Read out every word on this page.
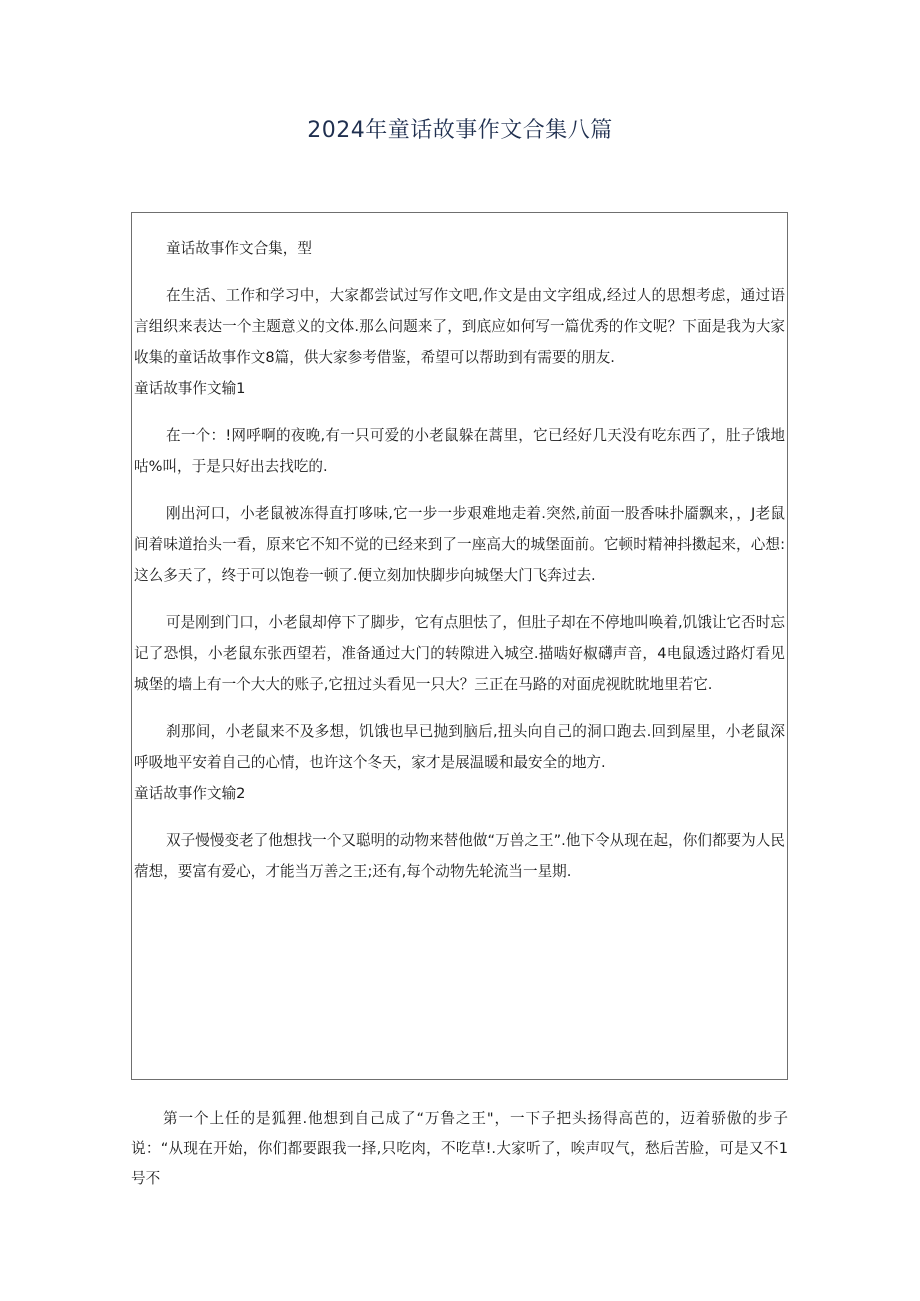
2024年童话故事作文合集八篇

童话故事作文合集，型

在生活、工作和学习中，大家都尝试过写作文吧,作文是由文字组成,经过人的思想考虑，通过语言组织来表达一个主题意义的文体.那么问题来了，到底应如何写一篇优秀的作文呢？下面是我为大家收集的童话故事作文8篇，供大家参考借鉴，希望可以帮助到有需要的朋友.

童话故事作文输1

在一个：!网呼啊的夜晚,有一只可爱的小老鼠躲在蒿里，它已经好几天没有吃东西了，肚子饿地咕%叫，于是只好出去找吃的.

刚出河口，小老鼠被冻得直打哆味,它一步一步艰难地走着.突然,前面一股香味扑靥飘来，，J老鼠间着味道抬头一看，原来它不知不觉的已经来到了一座高大的城堡面前。它顿时精神抖擞起来，心想:这么多天了，终于可以饱卷一顿了.便立刻加快脚步向城堡大门飞奔过去.

可是刚到门口，小老鼠却停下了脚步，它有点胆怯了，但肚子却在不停地叫唤着,饥饿让它否时忘记了恐惧，小老鼠东张西望若，准备通过大门的转隙进入城空.描啮好椒礴声音，4电鼠透过路灯看见城堡的墙上有一个大大的账子,它扭过头看见一只大？三正在马路的对面虎视眈眈地里若它.

刹那间，小老鼠来不及多想，饥饿也早已抛到脑后,扭头向自己的洞口跑去.回到屋里，小老鼠深呼吸地平安着自己的心情，也许这个冬天，家才是展温暖和最安全的地方.

童话故事作文输2

双子慢慢变老了他想找一个又聪明的动物来替他做“万兽之王”.他下令从现在起，你们都要为人民蓿想，要富有爱心，才能当万善之王;还有,每个动物先轮流当一星期.

第一个上任的是狐狸.他想到自己成了“万鲁之王"，一下子把头扬得高芭的，迈着骄傲的步子说：“从现在开始，你们都要跟我一择,只吃肉，不吃草!.大家听了，唉声叹气，愁后苦脸，可是又不1号不
